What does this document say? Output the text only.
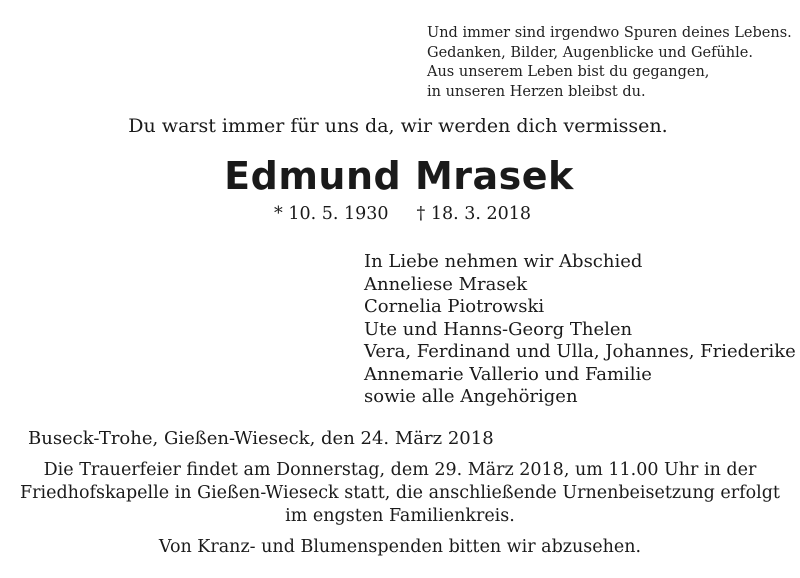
Und immer sind irgendwo Spuren deines Lebens.
Gedanken, Bilder, Augenblicke und Gefühle.
Aus unserem Leben bist du gegangen,
in unseren Herzen bleibst du.
Du warst immer für uns da, wir werden dich vermissen.
Edmund Mrasek
* 10. 5. 1930 † 18. 3. 2018
In Liebe nehmen wir Abschied
Anneliese Mrasek
Cornelia Piotrowski
Ute und Hanns-Georg Thelen
Vera, Ferdinand und Ulla, Johannes, Friederike
Annemarie Vallerio und Familie
sowie alle Angehörigen
Buseck-Trohe, Gießen-Wieseck, den 24. März 2018
Die Trauerfeier findet am Donnerstag, dem 29. März 2018, um 11.00 Uhr in der
Friedhofskapelle in Gießen-Wieseck statt, die anschließende Urnenbeisetzung erfolgt
im engsten Familienkreis.
Von Kranz- und Blumenspenden bitten wir abzusehen.
